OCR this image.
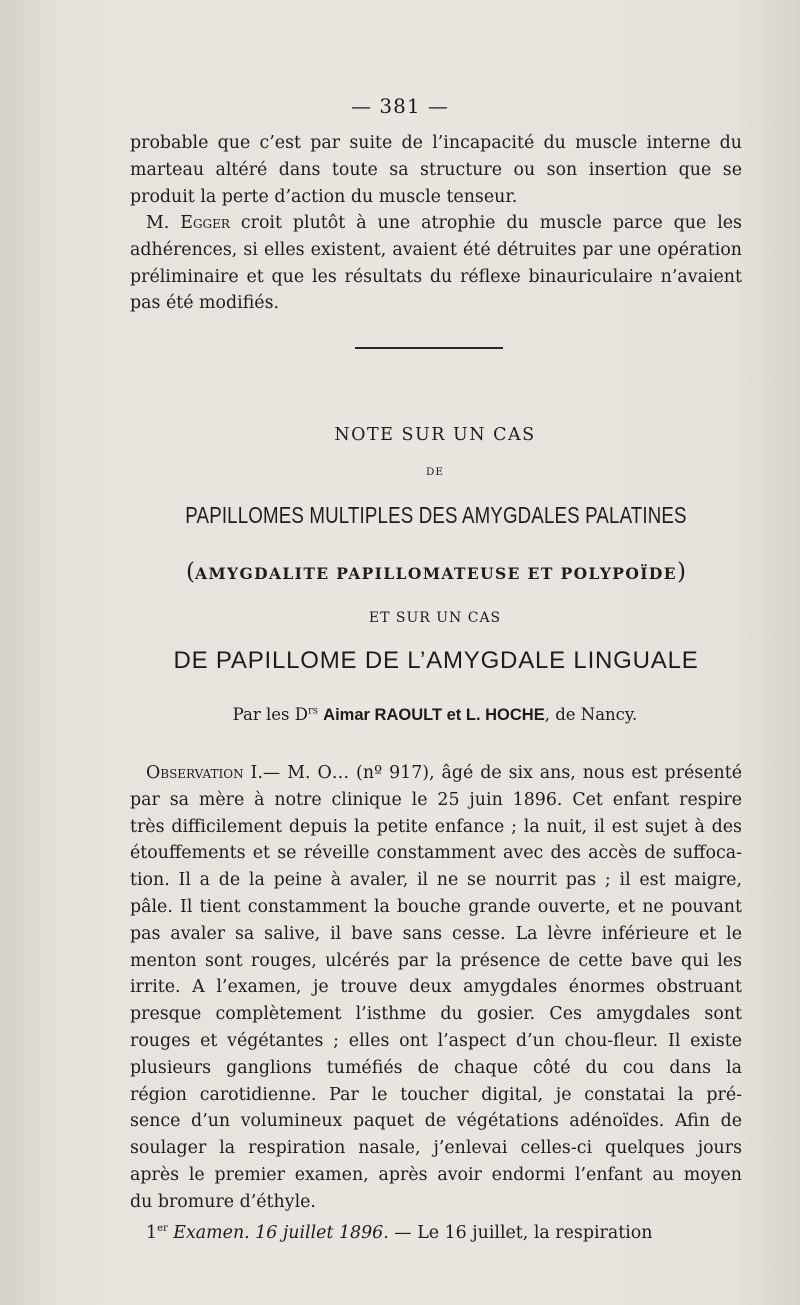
— 381 —
probable que c’est par suite de l’incapacité du muscle interne du
marteau altéré dans toute sa structure ou son insertion que se
produit la perte d’action du muscle tenseur.
M. Egger croit plutôt à une atrophie du muscle parce que les
adhérences, si elles existent, avaient été détruites par une opération
préliminaire et que les résultats du réflexe binauriculaire n’avaient
pas été modifiés.
NOTE SUR UN CAS
DE
PAPILLOMES MULTIPLES DES AMYGDALES PALATINES
(AMYGDALITE PAPILLOMATEUSE ET POLYPOÏDE)
ET SUR UN CAS
DE PAPILLOME DE L’AMYGDALE LINGUALE
Par les $D^{rs}$ Aimar RAOULT et L. HOCHE, de Nancy.
Observation I.— M. O… (nº 917), âgé de six ans, nous est présenté
par sa mère à notre clinique le 25 juin 1896. Cet enfant respire
très difficilement depuis la petite enfance ; la nuit, il est sujet à des
étouffements et se réveille constamment avec des accès de suffoca-
tion. Il a de la peine à avaler, il ne se nourrit pas ; il est maigre,
pâle. Il tient constamment la bouche grande ouverte, et ne pouvant
pas avaler sa salive, il bave sans cesse. La lèvre inférieure et le
menton sont rouges, ulcérés par la présence de cette bave qui les
irrite. A l’examen, je trouve deux amygdales énormes obstruant
presque complètement l’isthme du gosier. Ces amygdales sont
rouges et végétantes ; elles ont l’aspect d’un chou-fleur. Il existe
plusieurs ganglions tuméfiés de chaque côté du cou dans la
région carotidienne. Par le toucher digital, je constatai la pré-
sence d’un volumineux paquet de végétations adénoïdes. Afin de
soulager la respiration nasale, j’enlevai celles-ci quelques jours
après le premier examen, après avoir endormi l’enfant au moyen
du bromure d’éthyle.
1er Examen. 16 juillet 1896. — Le 16 juillet, la respiration
